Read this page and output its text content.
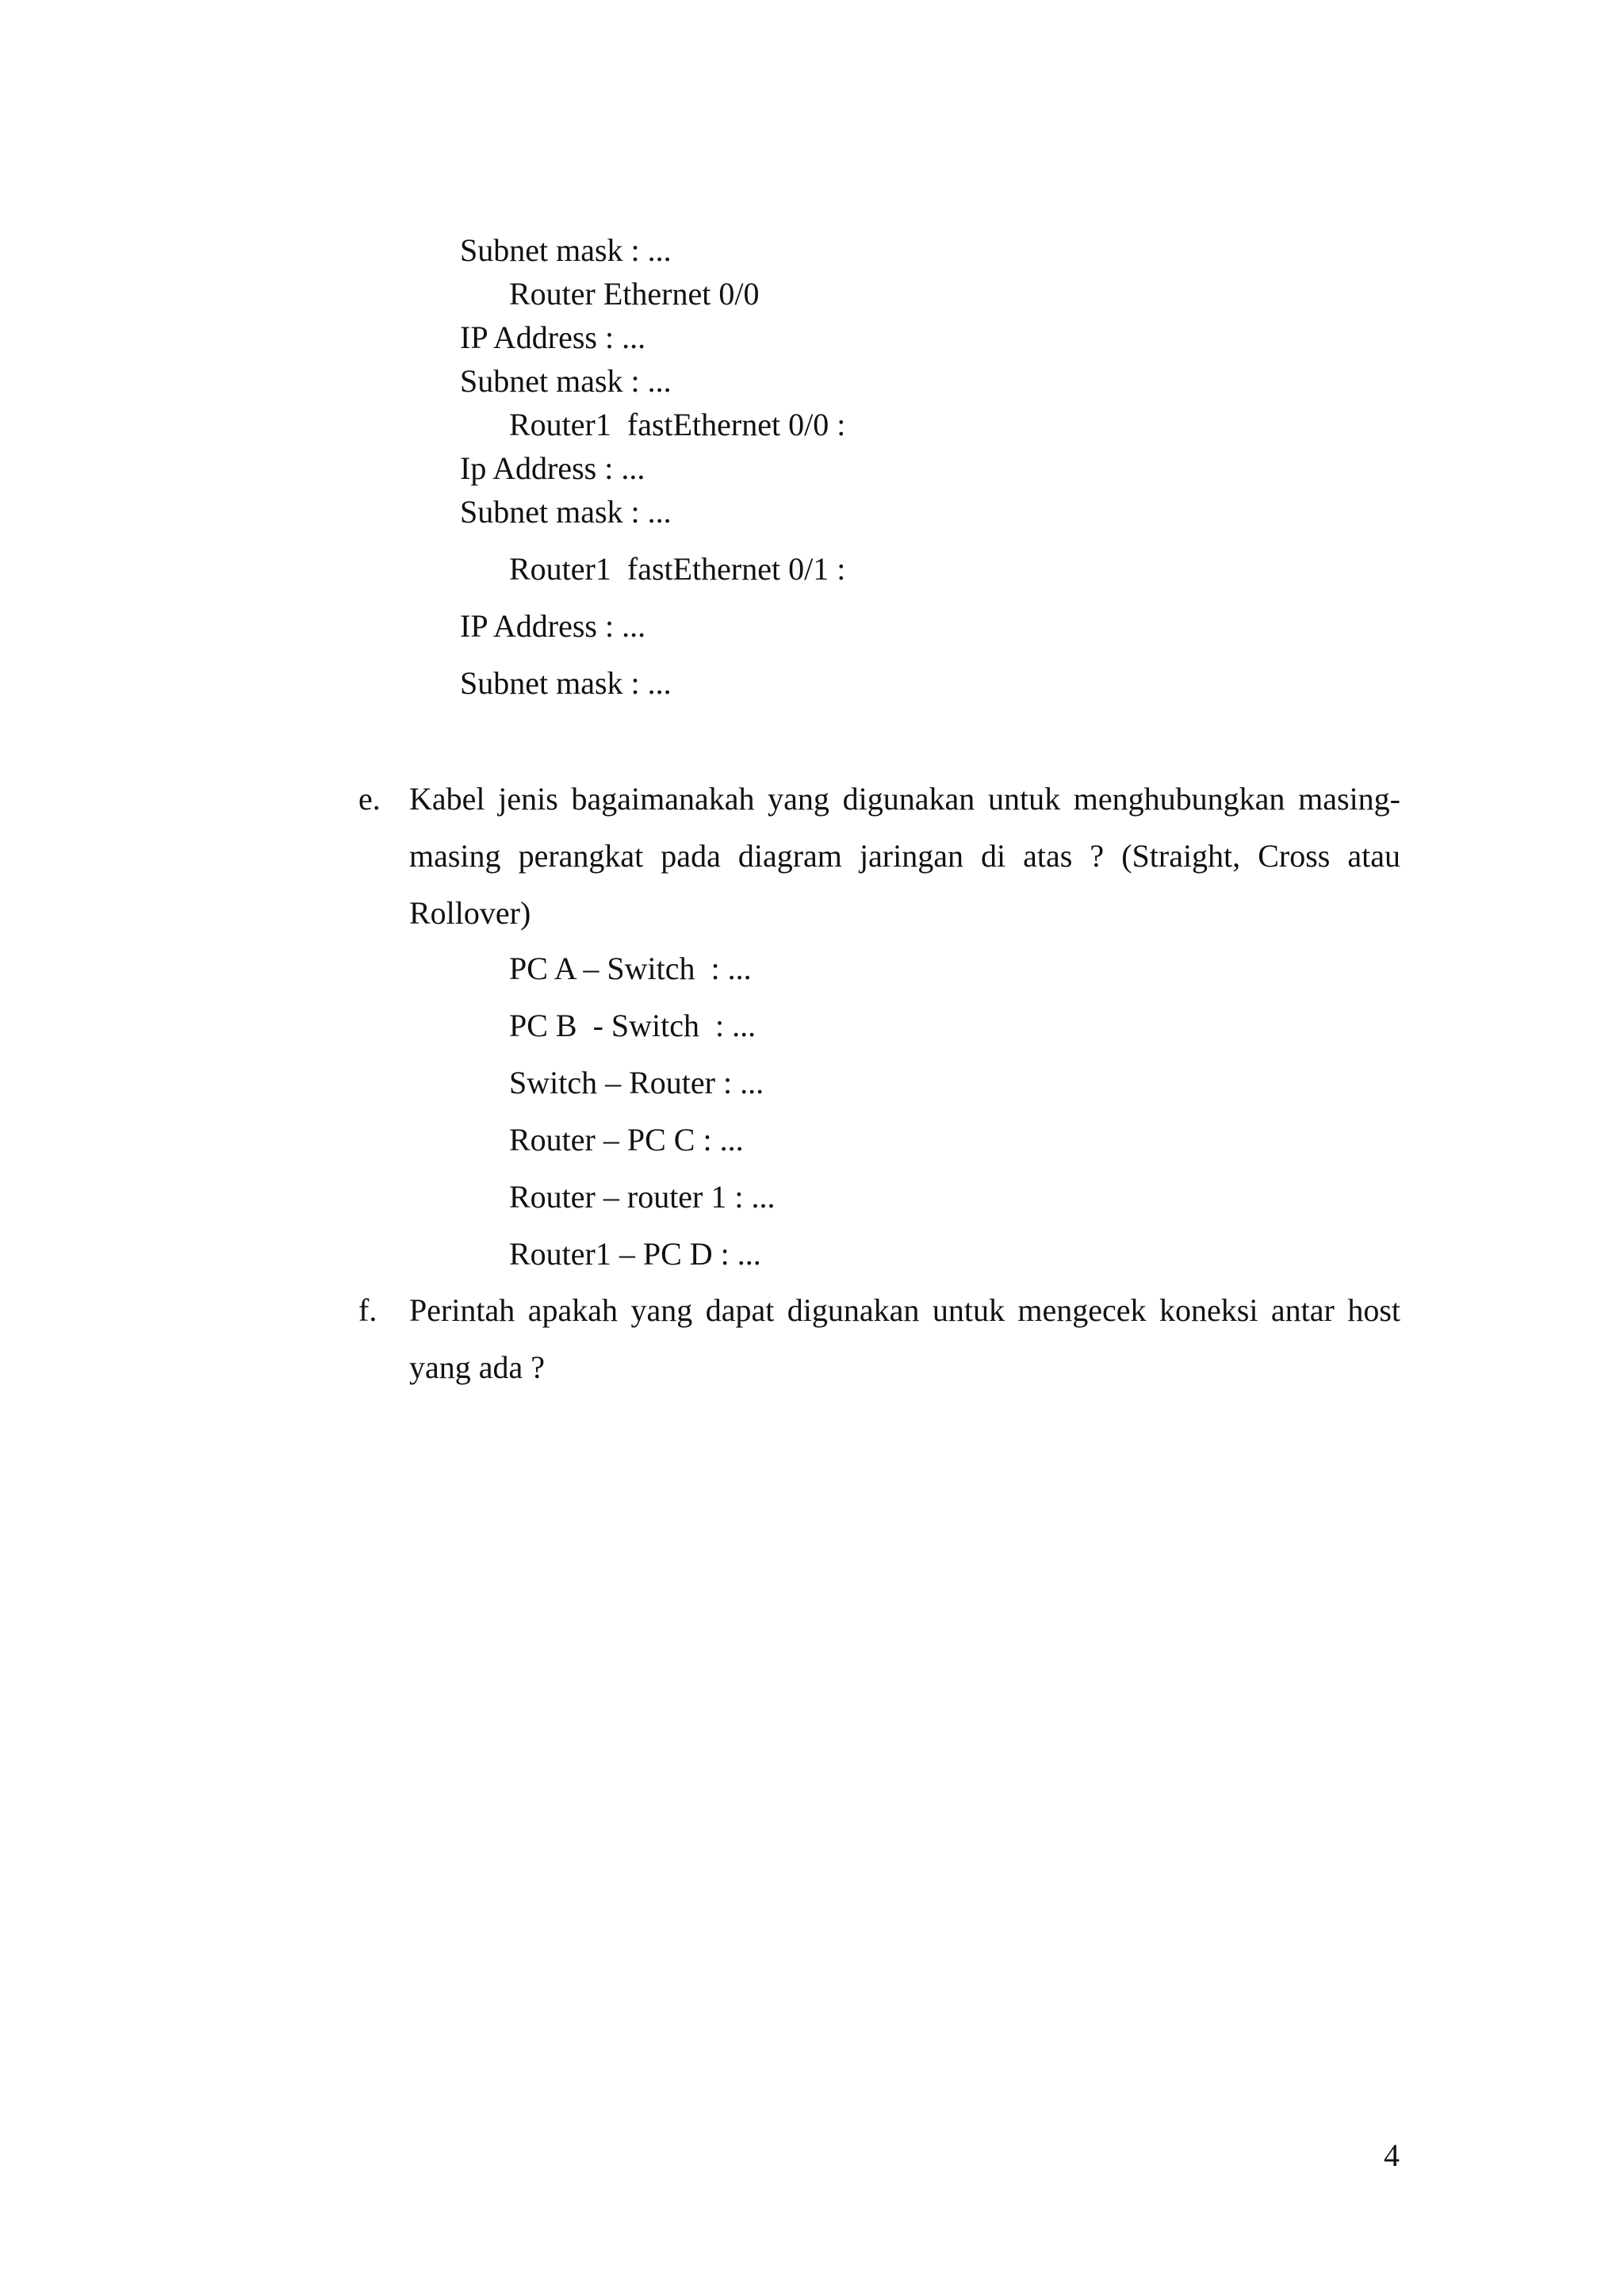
Subnet mask : ...
Router Ethernet 0/0
IP Address : ...
Subnet mask : ...
Router1  fastEthernet 0/0 :
Ip Address : ...
Subnet mask : ...
Router1  fastEthernet 0/1 :
IP Address : ...
Subnet mask : ...
e. Kabel jenis bagaimanakah yang digunakan untuk menghubungkan masing-masing perangkat pada diagram jaringan di atas ? (Straight, Cross atau Rollover)
PC A – Switch  : ...
PC B  - Switch  : ...
Switch – Router : ...
Router – PC C : ...
Router – router 1 : ...
Router1 – PC D : ...
f. Perintah apakah yang dapat digunakan untuk mengecek koneksi antar host yang ada ?
4
